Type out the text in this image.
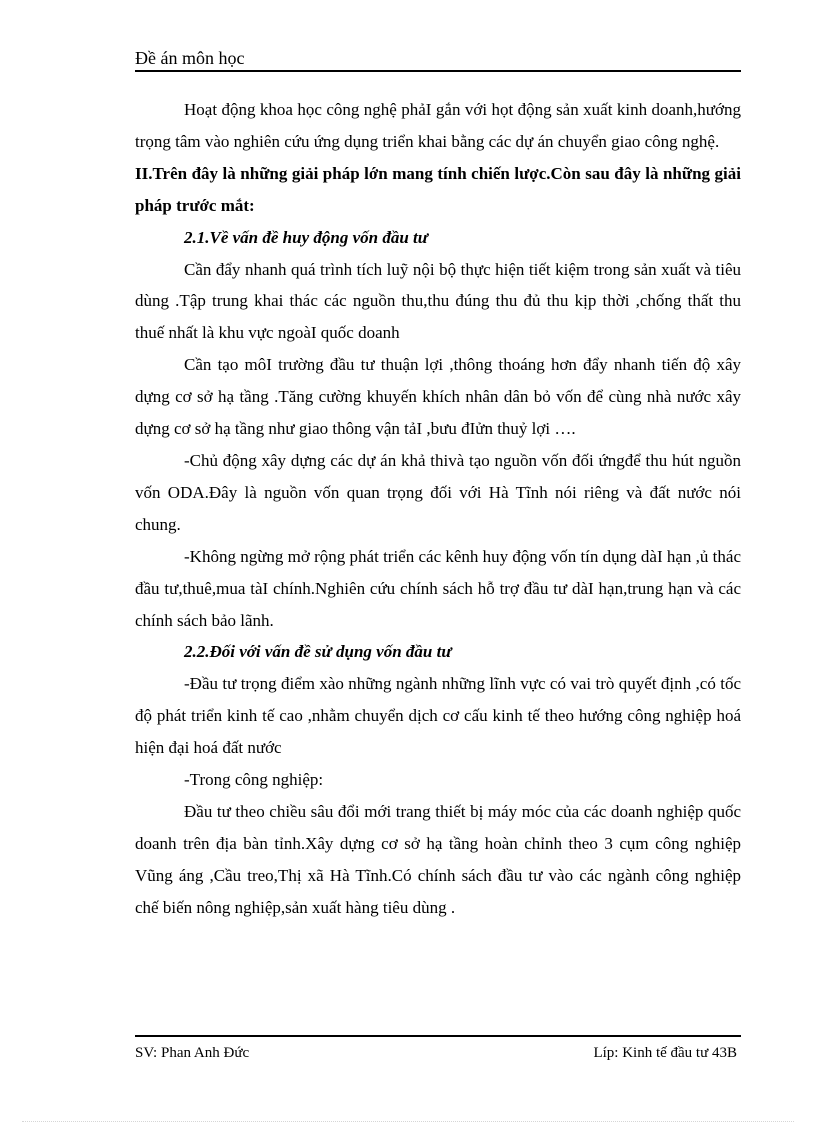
Đề án môn học

Hoạt động khoa học công nghệ phảI gắn với họt động sản xuất kinh doanh,hướng trọng tâm vào nghiên cứu ứng dụng triển khai bằng các dự án chuyển giao công nghệ.

II.Trên đây là những giải pháp lớn mang tính chiến lược.Còn sau đây là những giải pháp trước mắt:

2.1.Về vấn đề huy động vốn đầu tư

Cần đẩy nhanh quá trình tích luỹ nội bộ thực hiện tiết kiệm trong sản xuất và tiêu dùng .Tập trung khai thác các nguồn thu,thu đúng thu đủ thu kịp thời ,chống thất thu thuế nhất là khu vực ngoàI quốc doanh

Cần tạo môI trường đầu tư thuận lợi ,thông thoáng hơn đẩy nhanh tiến độ xây dựng cơ sở hạ tầng .Tăng cường khuyến khích nhân dân bỏ vốn để cùng nhà nước xây dựng cơ sở hạ tầng như giao thông vận tảI ,bưu đIửn thuỷ lợi ….

-Chủ động xây dựng các dự án khả thivà tạo nguồn vốn đối ứngđể thu hút nguồn vốn ODA.Đây là nguồn vốn quan trọng đối với Hà Tĩnh nói riêng và đất nước nói chung.

-Không ngừng mở rộng phát triển các kênh huy động vốn tín dụng dàI hạn ,ủ thác đầu tư,thuê,mua tàI chính.Nghiên cứu chính sách hỗ trợ đầu tư dàI hạn,trung hạn và các chính sách bảo lãnh.

2.2.Đối với vấn đề sử dụng vốn đầu tư

-Đầu tư trọng điểm xào những ngành những lĩnh vực có vai trò quyết định ,có tốc độ phát triển kinh tế cao ,nhằm chuyển dịch cơ cấu kinh tế theo hướng công nghiệp hoá hiện đại hoá đất nước

-Trong công nghiệp:

Đầu tư theo chiều sâu đổi mới trang thiết bị máy móc của các doanh nghiệp quốc doanh trên địa bàn tỉnh.Xây dựng cơ sở hạ tầng hoàn chỉnh theo 3 cụm công nghiệp Vũng áng ,Cầu treo,Thị xã Hà Tĩnh.Có chính sách đầu tư vào các ngành công nghiệp chế biến nông nghiệp,sản xuất hàng tiêu dùng .

SV: Phan Anh Đức	Líp: Kinh tế đầu tư 43B
